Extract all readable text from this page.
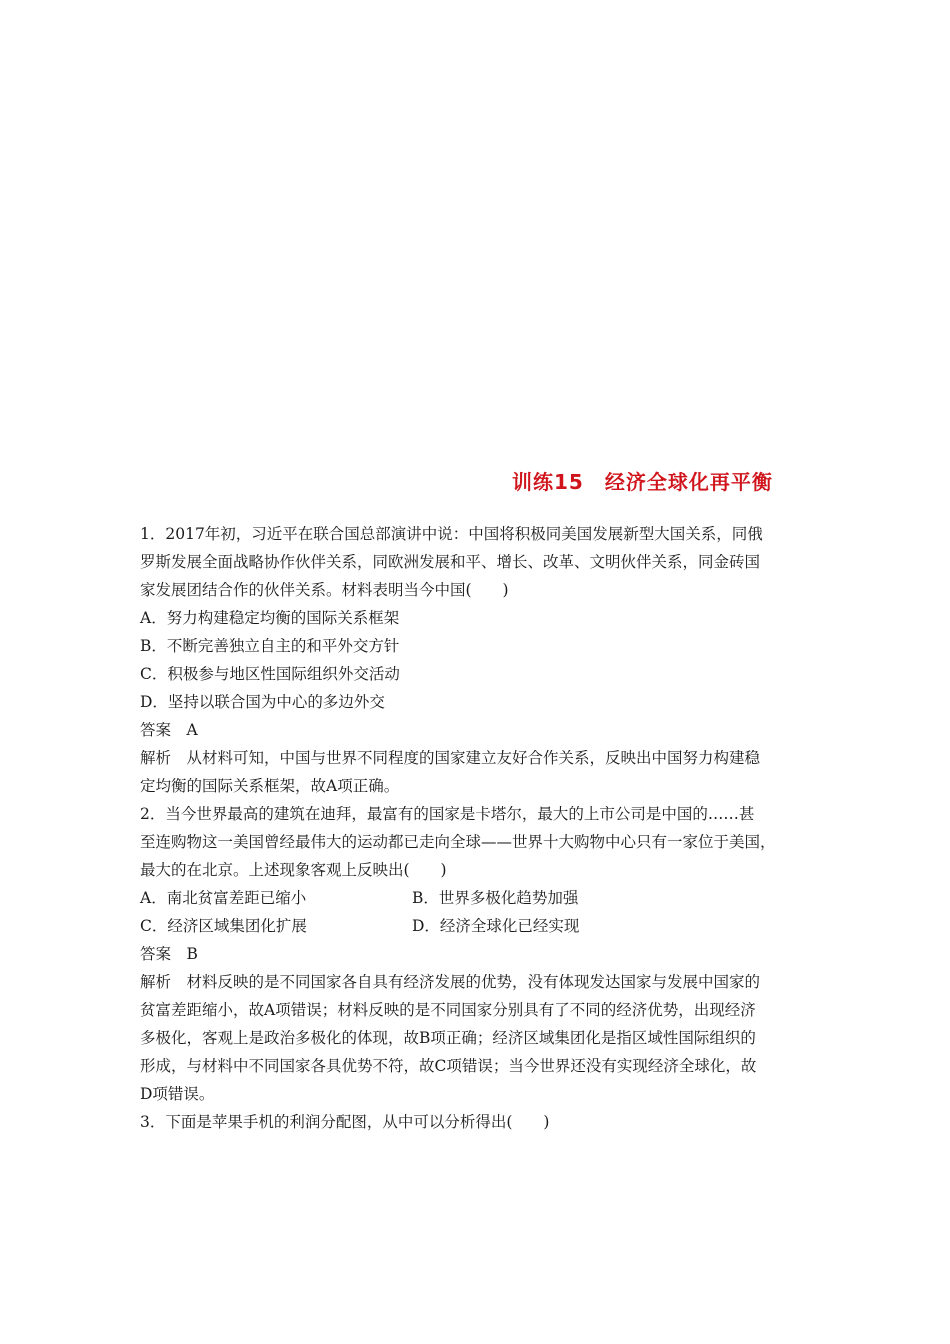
训练15　经济全球化再平衡
1．2017年初，习近平在联合国总部演讲中说：中国将积极同美国发展新型大国关系，同俄
罗斯发展全面战略协作伙伴关系，同欧洲发展和平、增长、改革、文明伙伴关系，同金砖国
家发展团结合作的伙伴关系。材料表明当今中国(　　)
A．努力构建稳定均衡的国际关系框架
B．不断完善独立自主的和平外交方针
C．积极参与地区性国际组织外交活动
D．坚持以联合国为中心的多边外交
答案　A
解析　从材料可知，中国与世界不同程度的国家建立友好合作关系，反映出中国努力构建稳
定均衡的国际关系框架，故A项正确。
2．当今世界最高的建筑在迪拜，最富有的国家是卡塔尔，最大的上市公司是中国的……甚
至连购物这一美国曾经最伟大的运动都已走向全球——世界十大购物中心只有一家位于美国，
最大的在北京。上述现象客观上反映出(　　)
A．南北贫富差距已缩小	B．世界多极化趋势加强
C．经济区域集团化扩展	D．经济全球化已经实现
答案　B
解析　材料反映的是不同国家各自具有经济发展的优势，没有体现发达国家与发展中国家的
贫富差距缩小，故A项错误；材料反映的是不同国家分别具有了不同的经济优势，出现经济
多极化，客观上是政治多极化的体现，故B项正确；经济区域集团化是指区域性国际组织的
形成，与材料中不同国家各具优势不符，故C项错误；当今世界还没有实现经济全球化，故
D项错误。
3．下面是苹果手机的利润分配图，从中可以分析得出(　　)
